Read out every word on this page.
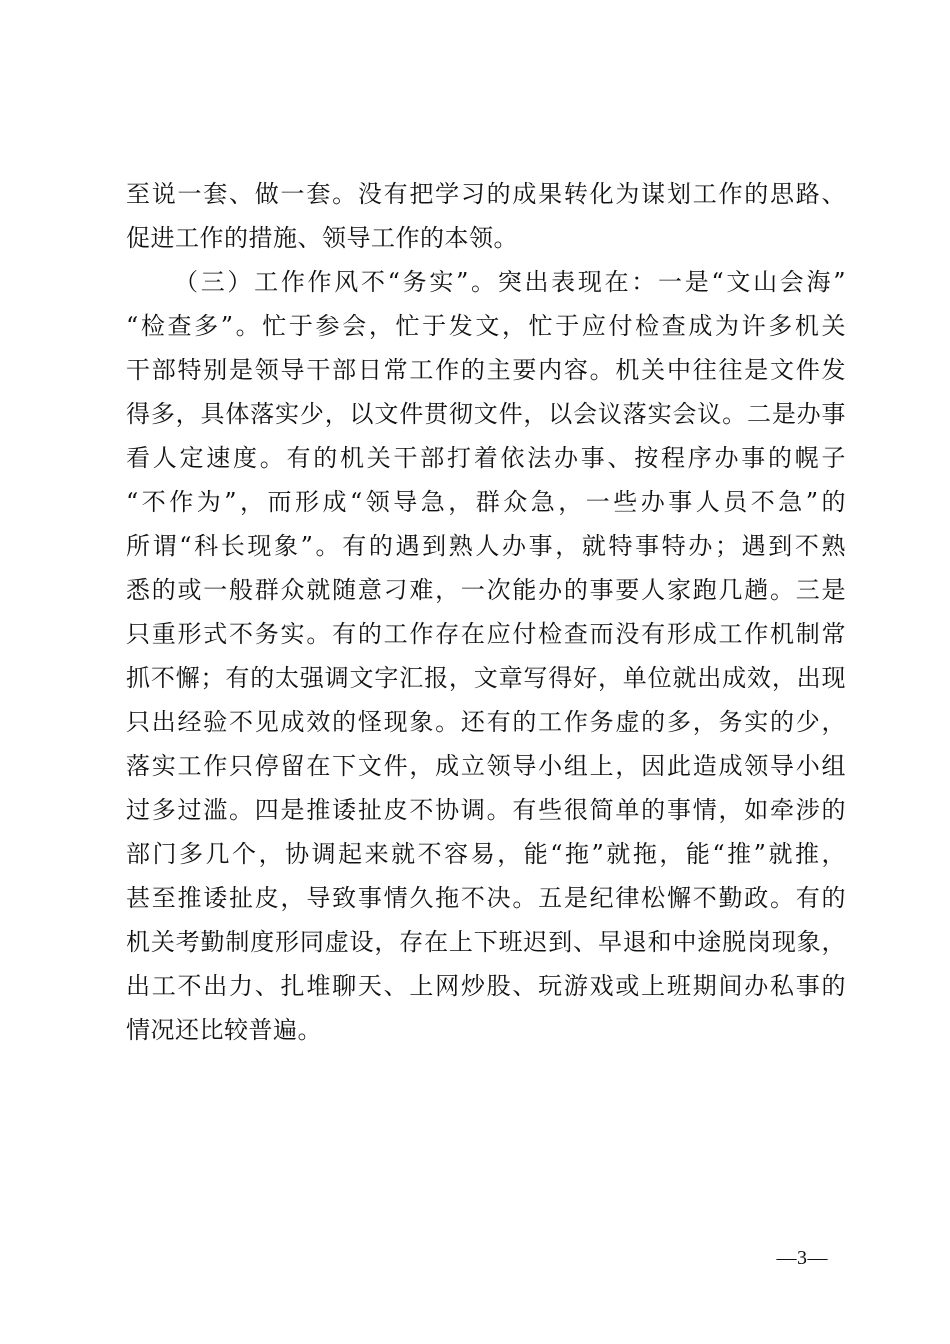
至说一套、做一套。没有把学习的成果转化为谋划工作的思路、
促进工作的措施、领导工作的本领。
（三）工作作风不“务实”。突出表现在：一是“文山会海”
“检查多”。忙于参会，忙于发文，忙于应付检查成为许多机关
干部特别是领导干部日常工作的主要内容。机关中往往是文件发
得多，具体落实少，以文件贯彻文件，以会议落实会议。二是办事
看人定速度。有的机关干部打着依法办事、按程序办事的幌子
“不作为”，而形成“领导急，群众急，一些办事人员不急”的
所谓“科长现象”。有的遇到熟人办事，就特事特办；遇到不熟
悉的或一般群众就随意刁难，一次能办的事要人家跑几趟。三是
只重形式不务实。有的工作存在应付检查而没有形成工作机制常
抓不懈；有的太强调文字汇报，文章写得好，单位就出成效，出现
只出经验不见成效的怪现象。还有的工作务虚的多，务实的少，
落实工作只停留在下文件，成立领导小组上，因此造成领导小组
过多过滥。四是推诿扯皮不协调。有些很简单的事情，如牵涉的
部门多几个，协调起来就不容易，能“拖”就拖，能“推”就推，
甚至推诿扯皮，导致事情久拖不决。五是纪律松懈不勤政。有的
机关考勤制度形同虚设，存在上下班迟到、早退和中途脱岗现象，
出工不出力、扎堆聊天、上网炒股、玩游戏或上班期间办私事的
情况还比较普遍。
—3—
